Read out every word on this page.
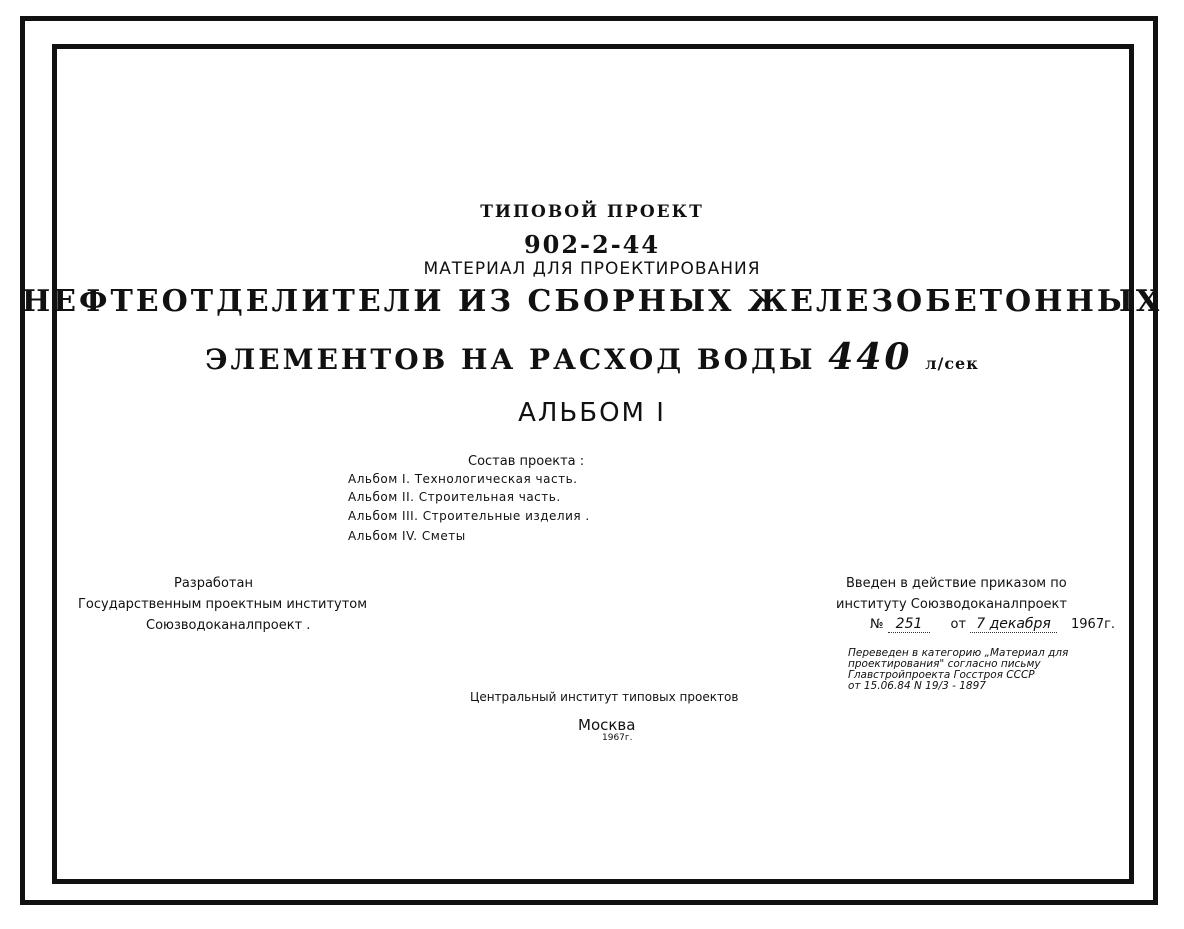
ТИПОВОЙ ПРОЕКТ
902-2-44
МАТЕРИАЛ ДЛЯ ПРОЕКТИРОВАНИЯ
НЕФТЕОТДЕЛИТЕЛИ ИЗ СБОРНЫХ ЖЕЛЕЗОБЕТОННЫХ
ЭЛЕМЕНТОВ НА РАСХОД ВОДЫ 440 л/сек
АЛЬБОМ I
Состав проекта :
Альбом I. Технологическая часть.
Альбом II. Строительная часть.
Альбом III. Строительные изделия .
Альбом IV. Сметы
Разработан
Государственным проектным институтом
Союзводоканалпроект .
Введен в действие приказом по
институту Союзводоканалпроект
№ 251 от 7 декабря 1967г.
Переведен в категорию „Материал для
проектирования" согласно письму
Главстройпроекта Госстроя СССР
от 15.06.84 N 19/3 - 1897
Центральный институт типовых проектов
Москва
1967г.
